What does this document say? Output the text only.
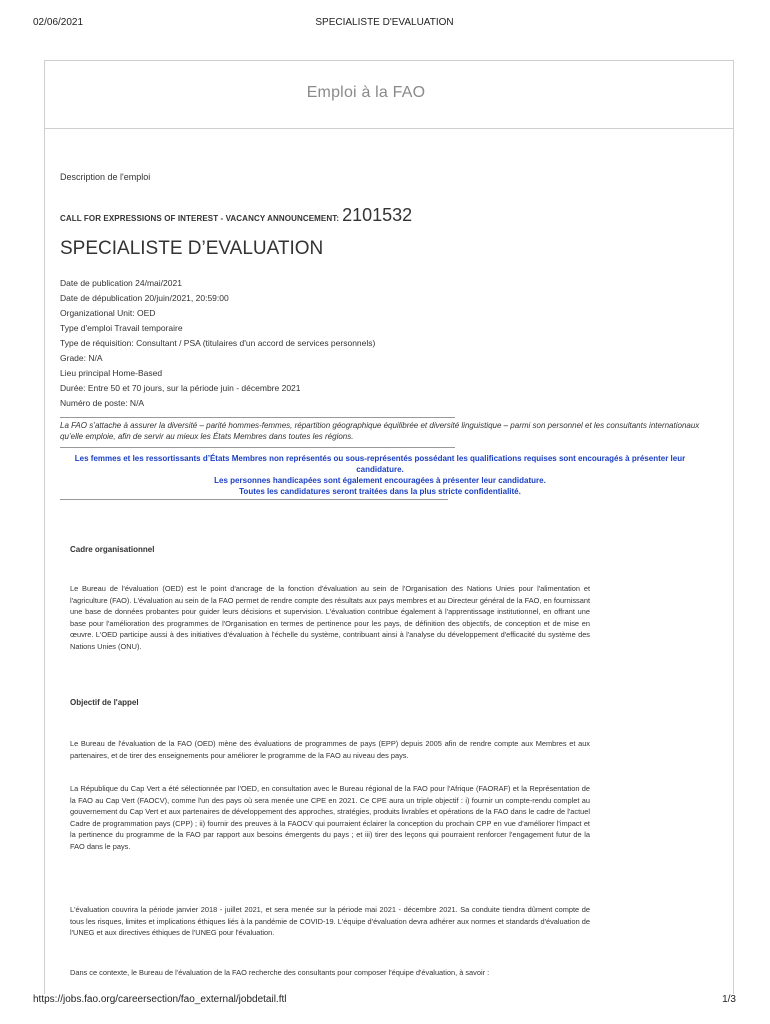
02/06/2021	SPECIALISTE D'EVALUATION
Emploi à la FAO
Description de l'emploi
CALL FOR EXPRESSIONS OF INTEREST - VACANCY ANNOUNCEMENT: 2101532
SPECIALISTE D’EVALUATION
Date de publication 24/mai/2021
Date de dépublication 20/juin/2021, 20:59:00
Organizational Unit: OED
Type d'emploi Travail temporaire
Type de réquisition: Consultant / PSA (titulaires d'un accord de services personnels)
Grade: N/A
Lieu principal Home-Based
Durée: Entre 50 et 70 jours, sur la période juin - décembre 2021
Numéro de poste: N/A
La FAO s’attache à assurer la diversité – parité hommes-femmes, répartition géographique équilibrée et diversité linguistique – parmi son personnel et les consultants internationaux qu’elle emploie, afin de servir au mieux les États Membres dans toutes les régions.
Les femmes et les ressortissants d’États Membres non représentés ou sous-représentés possédant les qualifications requises sont encouragés à présenter leur candidature.
Les personnes handicapées sont également encouragées à présenter leur candidature.
Toutes les candidatures seront traitées dans la plus stricte confidentialité.
Cadre organisationnel
Le Bureau de l'évaluation (OED) est le point d'ancrage de la fonction d'évaluation au sein de l'Organisation des Nations Unies pour l'alimentation et l'agriculture (FAO). L'évaluation au sein de la FAO permet de rendre compte des résultats aux pays membres et au Directeur général de la FAO, en fournissant une base de données probantes pour guider leurs décisions et supervision. L'évaluation contribue également à l'apprentissage institutionnel, en offrant une base pour l'amélioration des programmes de l'Organisation en termes de pertinence pour les pays, de définition des objectifs, de conception et de mise en œuvre. L'OED participe aussi à des initiatives d'évaluation à l'échelle du système, contribuant ainsi à l'analyse du développement d'efficacité du système des Nations Unies (ONU).
Objectif de l'appel
Le Bureau de l'évaluation de la FAO (OED) mène des évaluations de programmes de pays (EPP) depuis 2005 afin de rendre compte aux Membres et aux partenaires, et de tirer des enseignements pour améliorer le programme de la FAO au niveau des pays.
La République du Cap Vert a été sélectionnée par l'OED, en consultation avec le Bureau régional de la FAO pour l'Afrique (FAORAF) et la Représentation de la FAO au Cap Vert (FAOCV), comme l'un des pays où sera menée une CPE en 2021. Ce CPE aura un triple objectif : i) fournir un compte-rendu complet au gouvernement du Cap Vert et aux partenaires de développement des approches, stratégies, produits livrables et opérations de la FAO dans le cadre de l'actuel Cadre de programmation pays (CPP) ; ii) fournir des preuves à la FAOCV qui pourraient éclairer la conception du prochain CPP en vue d'améliorer l'impact et la pertinence du programme de la FAO par rapport aux besoins émergents du pays ; et iii) tirer des leçons qui pourraient renforcer l'engagement futur de la FAO dans le pays.
L'évaluation couvrira la période janvier 2018 - juillet 2021, et sera menée sur la période mai 2021 - décembre 2021. Sa conduite tiendra dûment compte de tous les risques, limites et implications éthiques liés à la pandémie de COVID-19. L'équipe d'évaluation devra adhérer aux normes et standards d'évaluation de l'UNEG et aux directives éthiques de l'UNEG pour l'évaluation.
Dans ce contexte, le Bureau de l'évaluation de la FAO recherche des consultants pour composer l'équipe d'évaluation, à savoir :
https://jobs.fao.org/careersection/fao_external/jobdetail.ftl	1/3
